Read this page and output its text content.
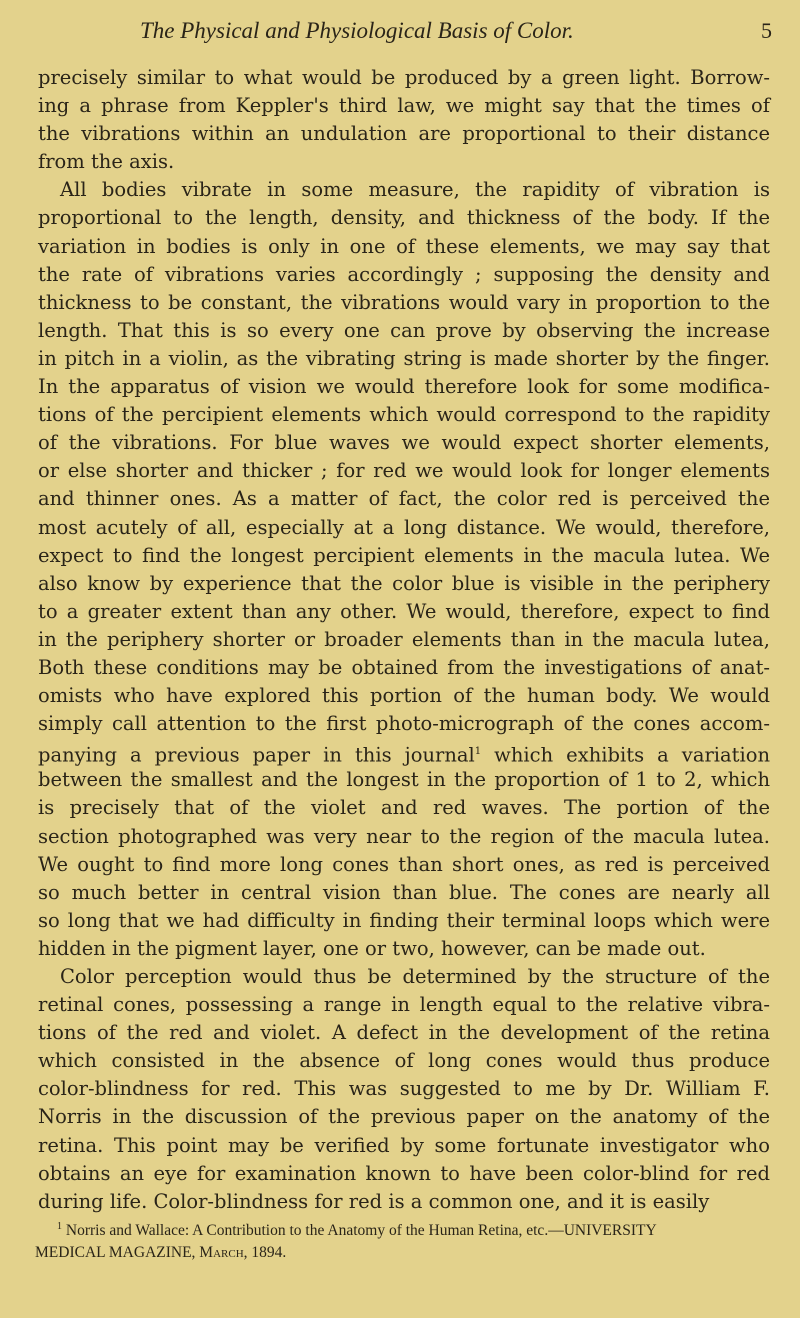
The Physical and Physiological Basis of Color.	5
precisely similar to what would be produced by a green light. Borrow-
ing a phrase from Keppler's third law, we might say that the times of
the vibrations within an undulation are proportional to their distance
from the axis.
All bodies vibrate in some measure, the rapidity of vibration is
proportional to the length, density, and thickness of the body. If the
variation in bodies is only in one of these elements, we may say that
the rate of vibrations varies accordingly ; supposing the density and
thickness to be constant, the vibrations would vary in proportion to the
length. That this is so every one can prove by observing the increase
in pitch in a violin, as the vibrating string is made shorter by the finger.
In the apparatus of vision we would therefore look for some modifica-
tions of the percipient elements which would correspond to the rapidity
of the vibrations. For blue waves we would expect shorter elements,
or else shorter and thicker ; for red we would look for longer elements
and thinner ones. As a matter of fact, the color red is perceived the
most acutely of all, especially at a long distance. We would, therefore,
expect to find the longest percipient elements in the macula lutea. We
also know by experience that the color blue is visible in the periphery
to a greater extent than any other. We would, therefore, expect to find
in the periphery shorter or broader elements than in the macula lutea,
Both these conditions may be obtained from the investigations of anat-
omists who have explored this portion of the human body. We would
simply call attention to the first photo-micrograph of the cones accom-
panying a previous paper in this journal$^1$ which exhibits a variation
between the smallest and the longest in the proportion of 1 to 2, which
is precisely that of the violet and red waves. The portion of the
section photographed was very near to the region of the macula lutea.
We ought to find more long cones than short ones, as red is perceived
so much better in central vision than blue. The cones are nearly all
so long that we had difficulty in finding their terminal loops which were
hidden in the pigment layer, one or two, however, can be made out.
Color perception would thus be determined by the structure of the
retinal cones, possessing a range in length equal to the relative vibra-
tions of the red and violet. A defect in the development of the retina
which consisted in the absence of long cones would thus produce
color-blindness for red. This was suggested to me by Dr. William F.
Norris in the discussion of the previous paper on the anatomy of the
retina. This point may be verified by some fortunate investigator who
obtains an eye for examination known to have been color-blind for red
during life. Color-blindness for red is a common one, and it is easily
$^1$ Norris and Wallace: A Contribution to the Anatomy of the Human Retina, etc.—UNIVERSITY
MEDICAL MAGAZINE, March, 1894.
